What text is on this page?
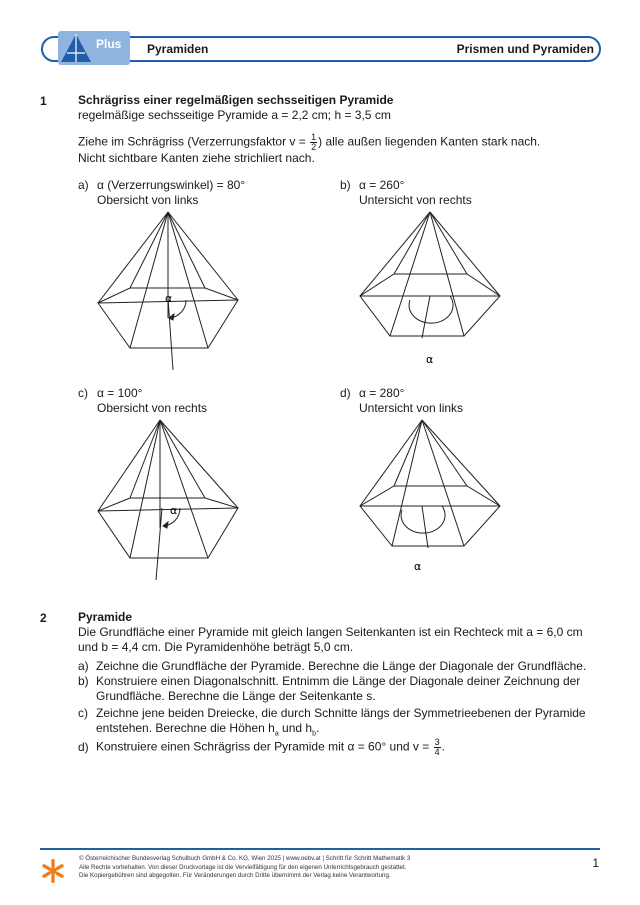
Plus Pyramiden	Prismen und Pyramiden
1	Schrägriss einer regelmäßigen sechsseitigen Pyramide
regelmäßige sechsseitige Pyramide a = 2,2 cm; h = 3,5 cm
Ziehe im Schrägriss (Verzerrungsfaktor $v = \frac{1}{2}$ ) alle außen liegenden Kanten stark nach.
Nicht sichtbare Kanten ziehe strichliert nach.
a) α (Verzerrungswinkel) = 80°
Obersicht von links
b) α = 260°
Untersicht von rechts
c) α = 100°
Obersicht von rechts
d) α = 280°
Untersicht von links
α
α
α
α
2	Pyramide
Die Grundfläche einer Pyramide mit gleich langen Seitenkanten ist ein Rechteck mit a = 6,0 cm
und b = 4,4 cm. Die Pyramidenhöhe beträgt 5,0 cm.
a) Zeichne die Grundfläche der Pyramide. Berechne die Länge der Diagonale der Grundfläche.
b) Konstruiere einen Diagonalschnitt. Entnimm die Länge der Diagonale deiner Zeichnung der
Grundfläche. Berechne die Länge der Seitenkante s.
c) Zeichne jene beiden Dreiecke, die durch Schnitte längs der Symmetrieebenen der Pyramide
entstehen. Berechne die Höhen $h_a$ und $h_b$.
d) Konstruiere einen Schrägriss der Pyramide mit α = 60° und $v = \frac{3}{4}$ .
© Österreichischer Bundesverlag Schulbuch GmbH & Co. KG, Wien 2025 | www.oebv.at | Schritt für Schritt Mathematik 3
Alle Rechte vorbehalten. Von dieser Druckvorlage ist die Vervielfältigung für den eigenen Unterrichtsgebrauch gestattet.
Die Kopiergebühren sind abgegolten. Für Veränderungen durch Dritte übernimmt der Verlag keine Verantwortung.
1
